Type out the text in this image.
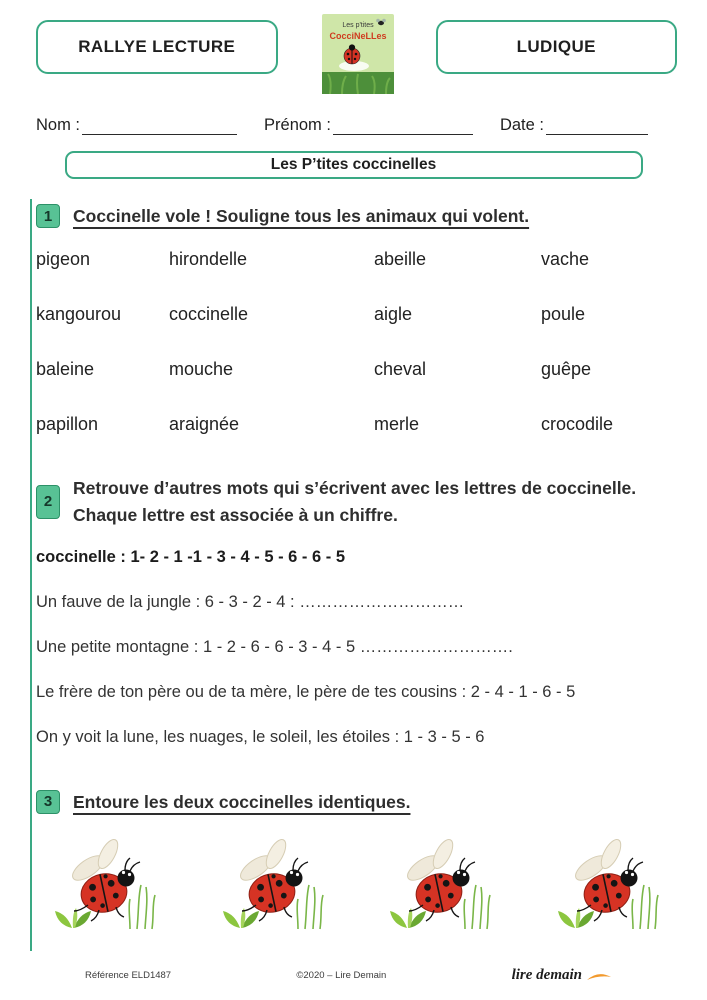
RALLYE LECTURE
Les p'tites
CocciNeLLes
LUDIQUE
Nom :	Prénom :	Date :
Les P’tites coccinelles
1	Coccinelle vole ! Souligne tous les animaux qui volent.
pigeon	hirondelle	abeille	vache
kangourou	coccinelle	aigle	poule
baleine	mouche	cheval	guêpe
papillon	araignée	merle	crocodile
2
Retrouve d’autres mots qui s’écrivent avec les lettres de coccinelle. Chaque lettre est associée à un chiffre.
coccinelle : 1- 2 - 1 -1 - 3 - 4 - 5 - 6 - 6 - 5
Un fauve de la jungle : 6 - 3 - 2 - 4 : …………………………
Une petite montagne : 1 - 2 - 6 - 6 - 3 - 4 - 5 ……………………….
Le frère de ton père ou de ta mère, le père de tes cousins : 2 - 4 - 1 - 6 - 5
On y voit la lune, les nuages, le soleil, les étoiles : 1 - 3 - 5 - 6
3	Entoure les deux coccinelles identiques.
Référence ELD1487	©2020 – Lire Demain	lire demain
